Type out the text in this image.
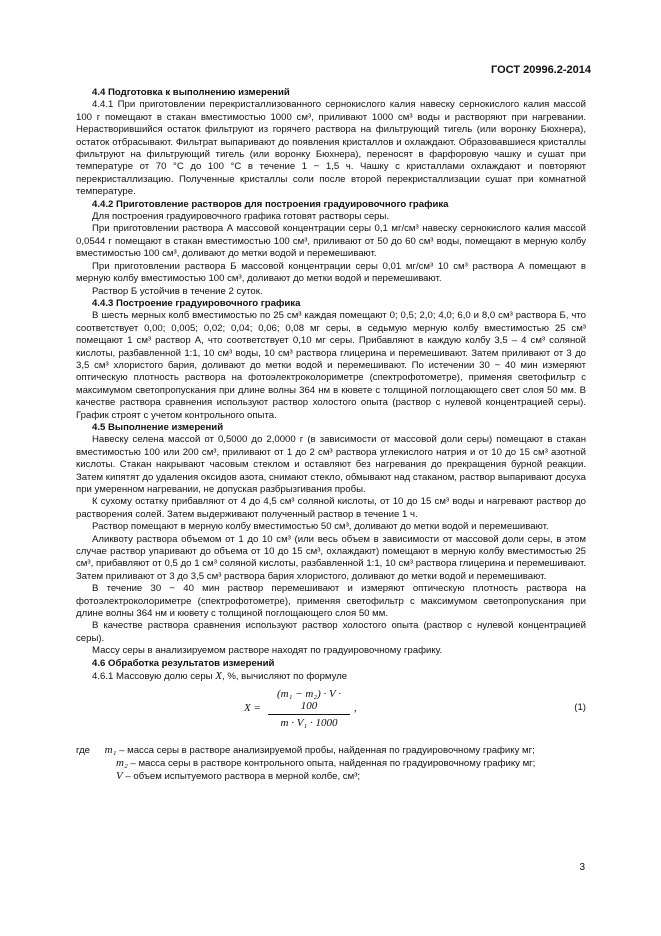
ГОСТ 20996.2-2014

4.4 Подготовка к выполнению измерений

4.4.1 При приготовлении перекристаллизованного сернокислого калия навеску сернокислого калия массой 100 г помещают в стакан вместимостью 1000 см³, приливают 1000 см³ воды и растворяют при нагревании. Нерастворившийся остаток фильтруют из горячего раствора на фильтрующий тигель (или воронку Бюхнера), остаток отбрасывают. Фильтрат выпаривают до появления кристаллов и охлаждают. Образовавшиеся кристаллы фильтруют на фильтрующий тигель (или воронку Бюхнера), переносят в фарфоровую чашку и сушат при температуре от 70 °С до 100 °С в течение 1 − 1,5 ч. Чашку с кристаллами охлаждают и повторяют перекристаллизацию. Полученные кристаллы соли после второй перекристаллизации сушат при комнатной температуре.

4.4.2 Приготовление растворов для построения градуировочного графика

Для построения градуировочного графика готовят растворы серы.

При приготовлении раствора А массовой концентрации серы 0,1 мг/см³ навеску сернокислого калия массой 0,0544 г помещают в стакан вместимостью 100 см³, приливают от 50 до 60 см³ воды, помещают в мерную колбу вместимостью 100 см³, доливают до метки водой и перемешивают.

При приготовлении раствора Б массовой концентрации серы 0,01 мг/см³ 10 см³ раствора А помещают в мерную колбу вместимостью 100 см³, доливают до метки водой и перемешивают.

Раствор Б устойчив в течение 2 суток.

4.4.3 Построение градуировочного графика

В шесть мерных колб вместимостью по 25 см³ каждая помещают 0; 0,5; 2,0; 4,0; 6,0 и 8,0 см³ раствора Б, что соответствует 0,00; 0,005; 0,02; 0,04; 0,06; 0,08 мг серы, в седьмую мерную колбу вместимостью 25 см³ помещают 1 см³ раствор А, что соответствует 0,10 мг серы. Прибавляют в каждую колбу 3,5 – 4 см³ соляной кислоты, разбавленной 1:1, 10 см³ воды, 10 см³ раствора глицерина и перемешивают. Затем приливают от 3 до 3,5 см³ хлористого бария, доливают до метки водой и перемешивают. По истечении 30 − 40 мин измеряют оптическую плотность раствора на фотоэлектроколориметре (спектрофотометре), применяя светофильтр с максимумом светопропускания при длине волны 364 нм в кювете с толщиной поглощающего свет слоя 50 мм. В качестве раствора сравнения используют раствор холостого опыта (раствор с нулевой концентрацией серы). График строят с учетом контрольного опыта.

4.5 Выполнение измерений

Навеску селена массой от 0,5000 до 2,0000 г (в зависимости от массовой доли серы) помещают в стакан вместимостью 100 или 200 см³, приливают от 1 до 2 см³ раствора углекислого натрия и от 10 до 15 см³ азотной кислоты. Стакан накрывают часовым стеклом и оставляют без нагревания до прекращения бурной реакции. Затем кипятят до удаления оксидов азота, снимают стекло, обмывают над стаканом, раствор выпаривают досуха при умеренном нагревании, не допуская разбрызгивания пробы.

К сухому остатку прибавляют от 4 до 4,5 см³ соляной кислоты, от 10 до 15 см³ воды и нагревают раствор до растворения солей. Затем выдерживают полученный раствор в течение 1 ч.

Раствор помещают в мерную колбу вместимостью 50 см³, доливают до метки водой и перемешивают.

Аликвоту раствора объемом от 1 до 10 см³ (или весь объем в зависимости от массовой доли серы, в этом случае раствор упаривают до объема от 10 до 15 см³, охлаждают) помещают в мерную колбу вместимостью 25 см³, прибавляют от 0,5 до 1 см³ соляной кислоты, разбавленной 1:1, 10 см³ раствора глицерина и перемешивают. Затем приливают от 3 до 3,5 см³ раствора бария хлористого, доливают до метки водой и перемешивают.

В течение 30 − 40 мин раствор перемешивают и измеряют оптическую плотность раствора на фотоэлектроколориметре (спектрофотометре), применяя светофильтр с максимумом светопропускания при длине волны 364 нм и кювету с толщиной поглощающего слоя 50 мм.

В качестве раствора сравнения используют раствор холостого опыта (раствор с нулевой концентрацией серы).

Массу серы в анализируемом растворе находят по градуировочному графику.

4.6 Обработка результатов измерений

4.6.1 Массовую долю серы X, %, вычисляют по формуле

$X = \frac{\text{(m₁ − m₂) · V · 100}}{\text{m · V₁ · 1000}}$ ,	(1)

где m₁ – масса серы в растворе анализируемой пробы, найденная по градуировочному графику мг;

m₂ – масса серы в растворе контрольного опыта, найденная по градуировочному графику мг;

V – объем испытуемого раствора в мерной колбе, см³;

3
